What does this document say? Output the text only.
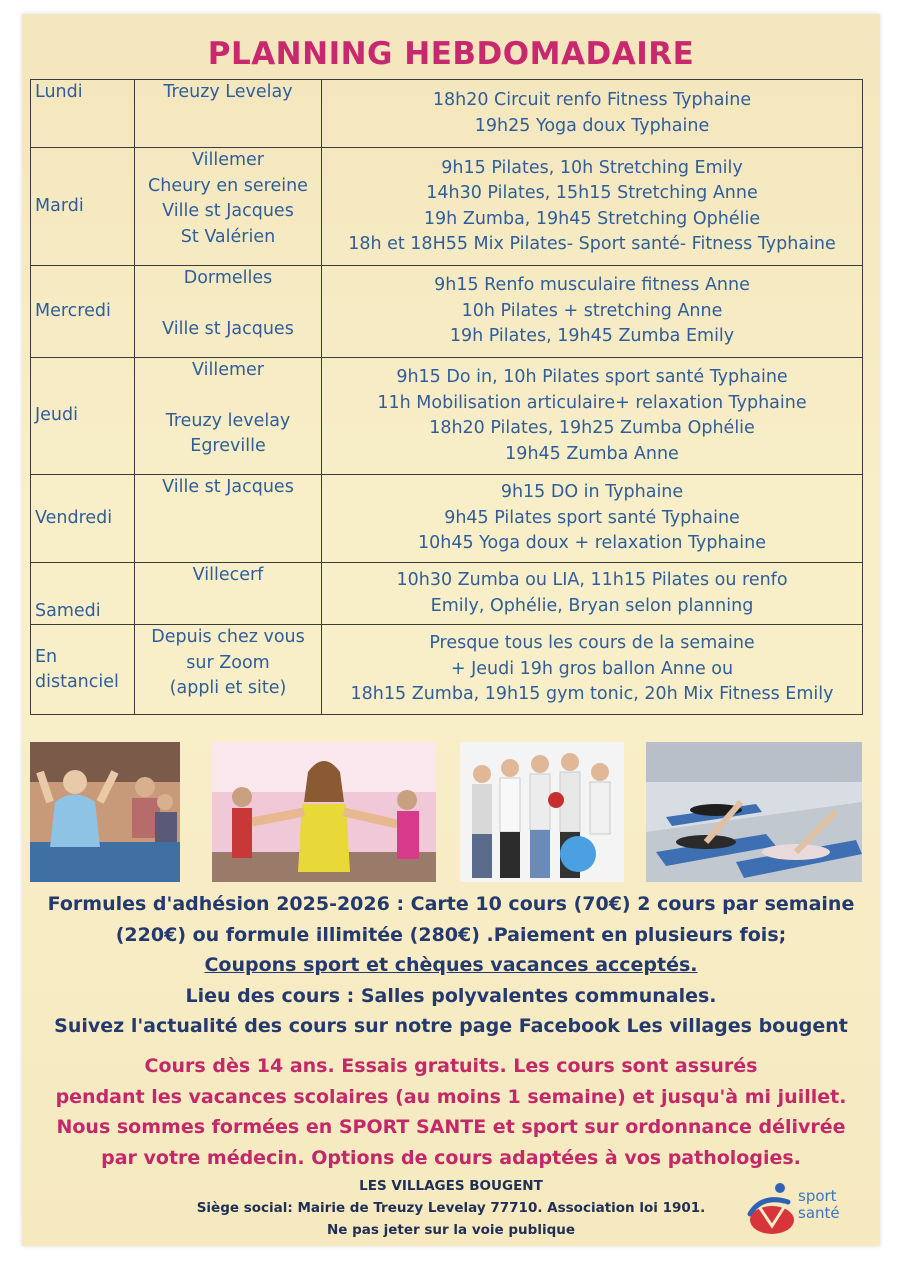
PLANNING HEBDOMADAIRE
Lundi	Treuzy Levelay	18h20 Circuit renfo Fitness Typhaine
19h25 Yoga doux Typhaine

Mardi	Villemer
Cheury en sereine
Ville st Jacques
St Valérien	9h15 Pilates, 10h Stretching Emily
14h30 Pilates, 15h15 Stretching Anne
19h Zumba, 19h45 Stretching Ophélie
18h et 18H55 Mix Pilates- Sport santé- Fitness Typhaine

Mercredi	Dormelles
Ville st Jacques	9h15 Renfo musculaire fitness Anne
10h Pilates + stretching Anne
19h Pilates, 19h45 Zumba Emily

Jeudi	Villemer
Treuzy levelay
Egreville	9h15 Do in, 10h Pilates sport santé Typhaine
11h Mobilisation articulaire+ relaxation Typhaine
18h20 Pilates, 19h25 Zumba Ophélie
19h45 Zumba Anne

Vendredi	Ville st Jacques	9h15 DO in Typhaine
9h45 Pilates sport santé Typhaine
10h45 Yoga doux + relaxation Typhaine

Samedi	Villecerf	10h30 Zumba ou LIA, 11h15 Pilates ou renfo
Emily, Ophélie, Bryan selon planning

En distanciel	Depuis chez vous
sur Zoom
(appli et site)	Presque tous les cours de la semaine
+ Jeudi 19h gros ballon Anne ou
18h15 Zumba, 19h15 gym tonic, 20h Mix Fitness Emily
Formules d'adhésion 2025-2026 : Carte 10 cours (70€) 2 cours par semaine
(220€) ou formule illimitée (280€) .Paiement en plusieurs fois;
Coupons sport et chèques vacances acceptés.
Lieu des cours : Salles polyvalentes communales.
Suivez l'actualité des cours sur notre page Facebook Les villages bougent
Cours dès 14 ans. Essais gratuits. Les cours sont assurés
pendant les vacances scolaires (au moins 1 semaine) et jusqu'à mi juillet.
Nous sommes formées en SPORT SANTE et sport sur ordonnance délivrée
par votre médecin. Options de cours adaptées à vos pathologies.
LES VILLAGES BOUGENT
Siège social: Mairie de Treuzy Levelay 77710. Association loi 1901.
Ne pas jeter sur la voie publique
sport
santé
